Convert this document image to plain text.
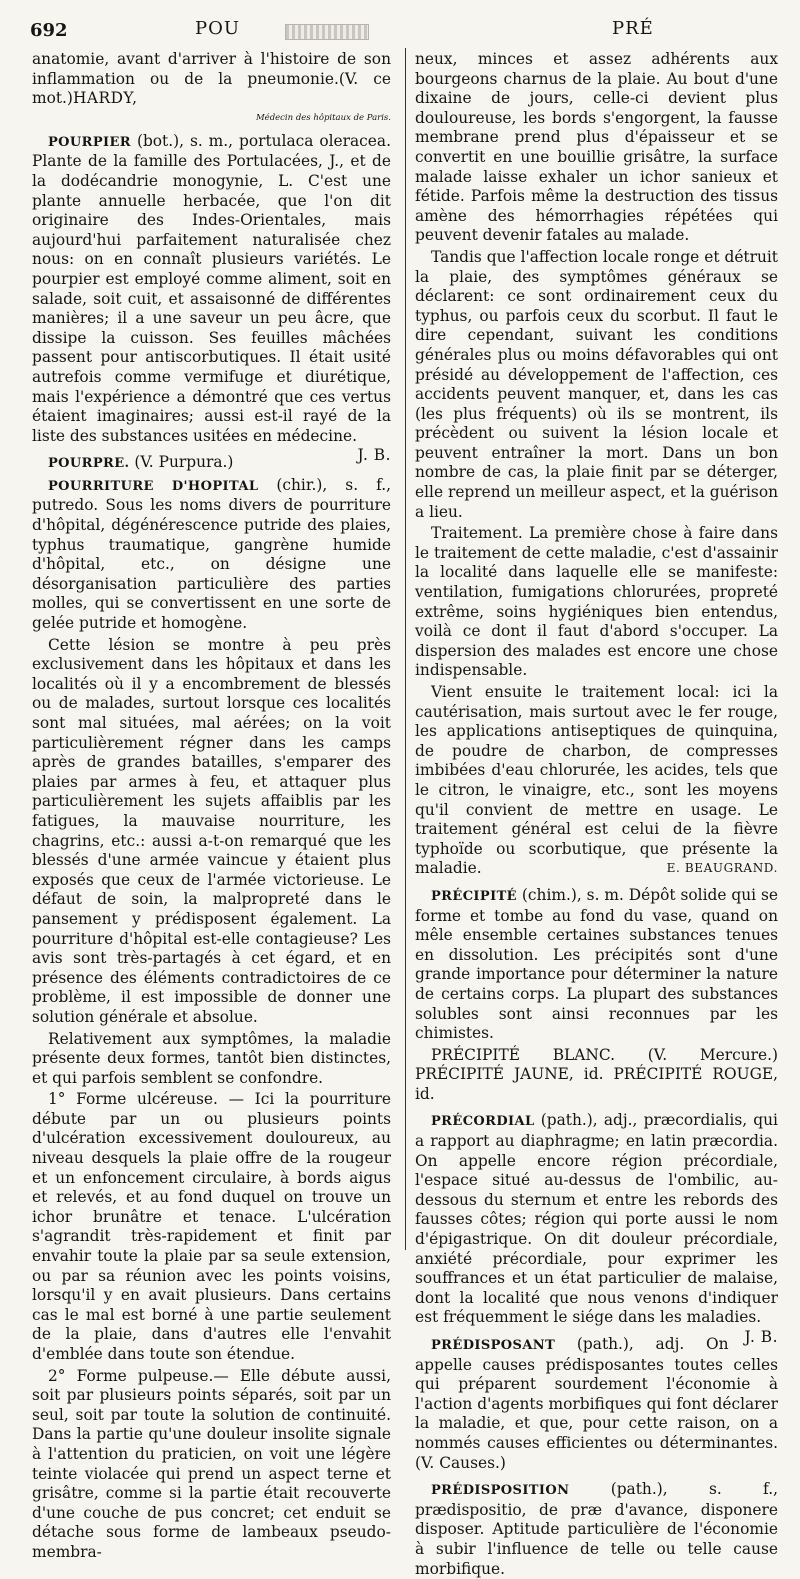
692	POU	PRÉ

anatomie, avant d'arriver à l'histoire de son inflammation ou de la pneumonie.(V. ce mot.)HARDY,

Médecin des hôpitaux de Paris.

POURPIER (bot.), s. m., portulaca oleracea. Plante de la famille des Portulacées, J., et de la dodécandrie monogynie, L. C'est une plante annuelle herbacée, que l'on dit originaire des Indes-Orientales, mais aujourd'hui parfaitement naturalisée chez nous: on en connaît plusieurs variétés. Le pourpier est employé comme aliment, soit en salade, soit cuit, et assaisonné de différentes manières; il a une saveur un peu âcre, que dissipe la cuisson. Ses feuilles mâchées passent pour antiscorbutiques. Il était usité autrefois comme vermifuge et diurétique, mais l'expérience a démontré que ces vertus étaient imaginaires; aussi est-il rayé de la liste des substances usitées en médecine.
J. B.

POURPRE. (V. Purpura.)

POURRITURE D'HOPITAL (chir.), s. f., putredo. Sous les noms divers de pourriture d'hôpital, dégénérescence putride des plaies, typhus traumatique, gangrène humide d'hôpital, etc., on désigne une désorganisation particulière des parties molles, qui se convertissent en une sorte de gelée putride et homogène.

Cette lésion se montre à peu près exclusivement dans les hôpitaux et dans les localités où il y a encombrement de blessés ou de malades, surtout lorsque ces localités sont mal situées, mal aérées; on la voit particulièrement régner dans les camps après de grandes batailles, s'emparer des plaies par armes à feu, et attaquer plus particulièrement les sujets affaiblis par les fatigues, la mauvaise nourriture, les chagrins, etc.: aussi a-t-on remarqué que les blessés d'une armée vaincue y étaient plus exposés que ceux de l'armée victorieuse. Le défaut de soin, la malpropreté dans le pansement y prédisposent également. La pourriture d'hôpital est-elle contagieuse? Les avis sont très-partagés à cet égard, et en présence des éléments contradictoires de ce problème, il est impossible de donner une solution générale et absolue.

Relativement aux symptômes, la maladie présente deux formes, tantôt bien distinctes, et qui parfois semblent se confondre.

1° Forme ulcéreuse. — Ici la pourriture débute par un ou plusieurs points d'ulcération excessivement douloureux, au niveau desquels la plaie offre de la rougeur et un enfoncement circulaire, à bords aigus et relevés, et au fond duquel on trouve un ichor brunâtre et tenace. L'ulcération s'agrandit très-rapidement et finit par envahir toute la plaie par sa seule extension, ou par sa réunion avec les points voisins, lorsqu'il y en avait plusieurs. Dans certains cas le mal est borné à une partie seulement de la plaie, dans d'autres elle l'envahit d'emblée dans toute son étendue.

2° Forme pulpeuse.— Elle débute aussi, soit par plusieurs points séparés, soit par un seul, soit par toute la solution de continuité. Dans la partie qu'une douleur insolite signale à l'attention du praticien, on voit une légère teinte violacée qui prend un aspect terne et grisâtre, comme si la partie était recouverte d'une couche de pus concret; cet enduit se détache sous forme de lambeaux pseudo-membra-

neux, minces et assez adhérents aux bourgeons charnus de la plaie. Au bout d'une dixaine de jours, celle-ci devient plus douloureuse, les bords s'engorgent, la fausse membrane prend plus d'épaisseur et se convertit en une bouillie grisâtre, la surface malade laisse exhaler un ichor sanieux et fétide. Parfois même la destruction des tissus amène des hémorrhagies répétées qui peuvent devenir fatales au malade.

Tandis que l'affection locale ronge et détruit la plaie, des symptômes généraux se déclarent: ce sont ordinairement ceux du typhus, ou parfois ceux du scorbut. Il faut le dire cependant, suivant les conditions générales plus ou moins défavorables qui ont présidé au développement de l'affection, ces accidents peuvent manquer, et, dans les cas (les plus fréquents) où ils se montrent, ils précèdent ou suivent la lésion locale et peuvent entraîner la mort. Dans un bon nombre de cas, la plaie finit par se déterger, elle reprend un meilleur aspect, et la guérison a lieu.

Traitement. La première chose à faire dans le traitement de cette maladie, c'est d'assainir la localité dans laquelle elle se manifeste: ventilation, fumigations chlorurées, propreté extrême, soins hygiéniques bien entendus, voilà ce dont il faut d'abord s'occuper. La dispersion des malades est encore une chose indispensable.

Vient ensuite le traitement local: ici la cautérisation, mais surtout avec le fer rouge, les applications antiseptiques de quinquina, de poudre de charbon, de compresses imbibées d'eau chlorurée, les acides, tels que le citron, le vinaigre, etc., sont les moyens qu'il convient de mettre en usage. Le traitement général est celui de la fièvre typhoïde ou scorbutique, que présente la maladie.	E. BEAUGRAND.

PRÉCIPITÉ (chim.), s. m. Dépôt solide qui se forme et tombe au fond du vase, quand on mêle ensemble certaines substances tenues en dissolution. Les précipités sont d'une grande importance pour déterminer la nature de certains corps. La plupart des substances solubles sont ainsi reconnues par les chimistes.

PRÉCIPITÉ BLANC. (V. Mercure.) PRÉCIPITÉ JAUNE, id. PRÉCIPITÉ ROUGE, id.

PRÉCORDIAL (path.), adj., præcordialis, qui a rapport au diaphragme; en latin præcordia. On appelle encore région précordiale, l'espace situé au-dessus de l'ombilic, au-dessous du sternum et entre les rebords des fausses côtes; région qui porte aussi le nom d'épigastrique. On dit douleur précordiale, anxiété précordiale, pour exprimer les souffrances et un état particulier de malaise, dont la localité que nous venons d'indiquer est fréquemment le siége dans les maladies.
J. B.

PRÉDISPOSANT (path.), adj. On appelle causes prédisposantes toutes celles qui préparent sourdement l'économie à l'action d'agents morbifiques qui font déclarer la maladie, et que, pour cette raison, on a nommés causes efficientes ou déterminantes. (V. Causes.)

PRÉDISPOSITION	(path.), s. f., prædispositio, de præ d'avance, disponere disposer. Aptitude particulière de l'économie à subir l'influence de telle ou telle cause morbifique.
